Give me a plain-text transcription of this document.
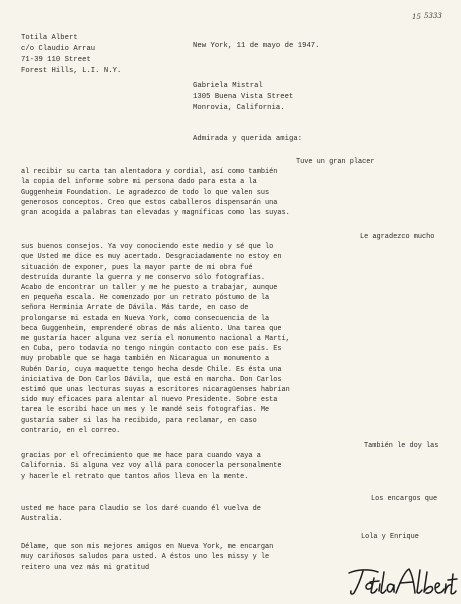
15 5333
Totila Albert
c/o Claudio Arrau
71-39 110 Street
Forest Hills, L.I. N.Y.
New York, 11 de mayo de 1947.
Gabriela Mistral
1305 Buena Vista Street
Monrovia, California.
Admirada y querida amiga:
Tuve un gran placer
al recibir su carta tan alentadora y cordial, así como también
la copia del informe sobre mi persona dado para esta a la
Guggenheim Foundation. Le agradezco de todo lo que valen sus
generosos conceptos. Creo que estos caballeros dispensarán una
gran acogida a palabras tan elevadas y magníficas como las suyas.
Le agradezco mucho
sus buenos consejos. Ya voy conociendo este medio y sé que lo
que Usted me dice es muy acertado. Desgraciadamente no estoy en
situación de exponer, pues la mayor parte de mi obra fué
destruída durante la guerra y me conservo sólo fotografías.
Acabo de encontrar un taller y me he puesto a trabajar, aunque
en pequeña escala. He comenzado por un retrato póstumo de la
señora Herminia Arrate de Dávila. Más tarde, en caso de
prolongarse mi estada en Nueva York, como consecuencia de la
beca Guggenheim, emprenderé obras de más aliento. Una tarea que
me gustaría hacer alguna vez sería el monumento nacional a Martí,
en Cuba, pero todavía no tengo ningún contacto con ese país. Es
muy probable que se haga también en Nicaragua un monumento a
Rubén Darío, cuya maquette tengo hecha desde Chile. Es ésta una
iniciativa de Don Carlos Dávila, que está en marcha. Don Carlos
estimó que unas lecturas suyas a escritores nicaragüenses habrían
sido muy eficaces para alentar al nuevo Presidente. Sobre esta
tarea le escribí hace un mes y le mandé seis fotografías. Me
gustaría saber si las ha recibido, para reclamar, en caso
contrario, en el correo.
También le doy las
gracias por el ofrecimiento que me hace para cuando vaya a
California. Si alguna vez voy allá para conocerla personalmente
y hacerle el retrato que tantos años lleva en la mente.
Los encargos que
usted me hace para Claudio se los daré cuando él vuelva de
Australia.
Lola y Enrique
Délame, que son mis mejores amigos en Nueva York, me encargan
muy cariñosos saludos para usted. A éstos uno les missy y le
reitero una vez más mi gratitud
